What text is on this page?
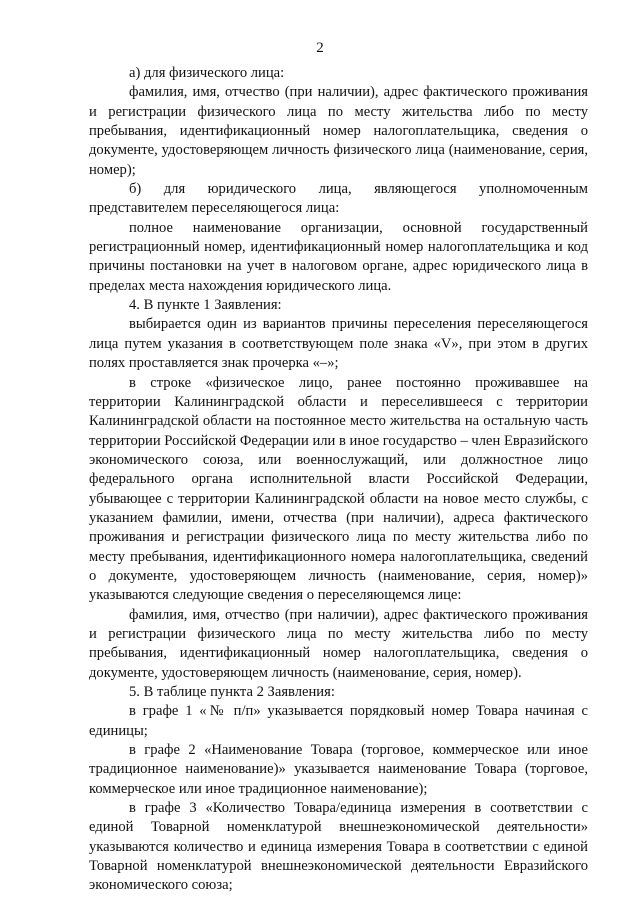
2

а) для физического лица:

фамилия, имя, отчество (при наличии), адрес фактического проживания и регистрации физического лица по месту жительства либо по месту пребывания, идентификационный номер налогоплательщика, сведения о документе, удостоверяющем личность физического лица (наименование, серия, номер);

б) для юридического лица, являющегося уполномоченным представителем переселяющегося лица:

полное наименование организации, основной государственный регистрационный номер, идентификационный номер налогоплательщика и код причины постановки на учет в налоговом органе, адрес юридического лица в пределах места нахождения юридического лица.

4. В пункте 1 Заявления:

выбирается один из вариантов причины переселения переселяющегося лица путем указания в соответствующем поле знака «V», при этом в других полях проставляется знак прочерка «–»;

в строке «физическое лицо, ранее постоянно проживавшее на территории Калининградской области и переселившееся с территории Калининградской области на постоянное место жительства на остальную часть территории Российской Федерации или в иное государство – член Евразийского экономического союза, или военнослужащий, или должностное лицо федерального органа исполнительной власти Российской Федерации, убывающее с территории Калининградской области на новое место службы, с указанием фамилии, имени, отчества (при наличии), адреса фактического проживания и регистрации физического лица по месту жительства либо по месту пребывания, идентификационного номера налогоплательщика, сведений о документе, удостоверяющем личность (наименование, серия, номер)» указываются следующие сведения о переселяющемся лице:

фамилия, имя, отчество (при наличии), адрес фактического проживания и регистрации физического лица по месту жительства либо по месту пребывания, идентификационный номер налогоплательщика, сведения о документе, удостоверяющем личность (наименование, серия, номер).

5. В таблице пункта 2 Заявления:

в графе 1 «№ п/п» указывается порядковый номер Товара начиная с единицы;

в графе 2 «Наименование Товара (торговое, коммерческое или иное традиционное наименование)» указывается наименование Товара (торговое, коммерческое или иное традиционное наименование);

в графе 3 «Количество Товара/единица измерения в соответствии с единой Товарной номенклатурой внешнеэкономической деятельности» указываются количество и единица измерения Товара в соответствии с единой Товарной номенклатурой внешнеэкономической деятельности Евразийского экономического союза;
